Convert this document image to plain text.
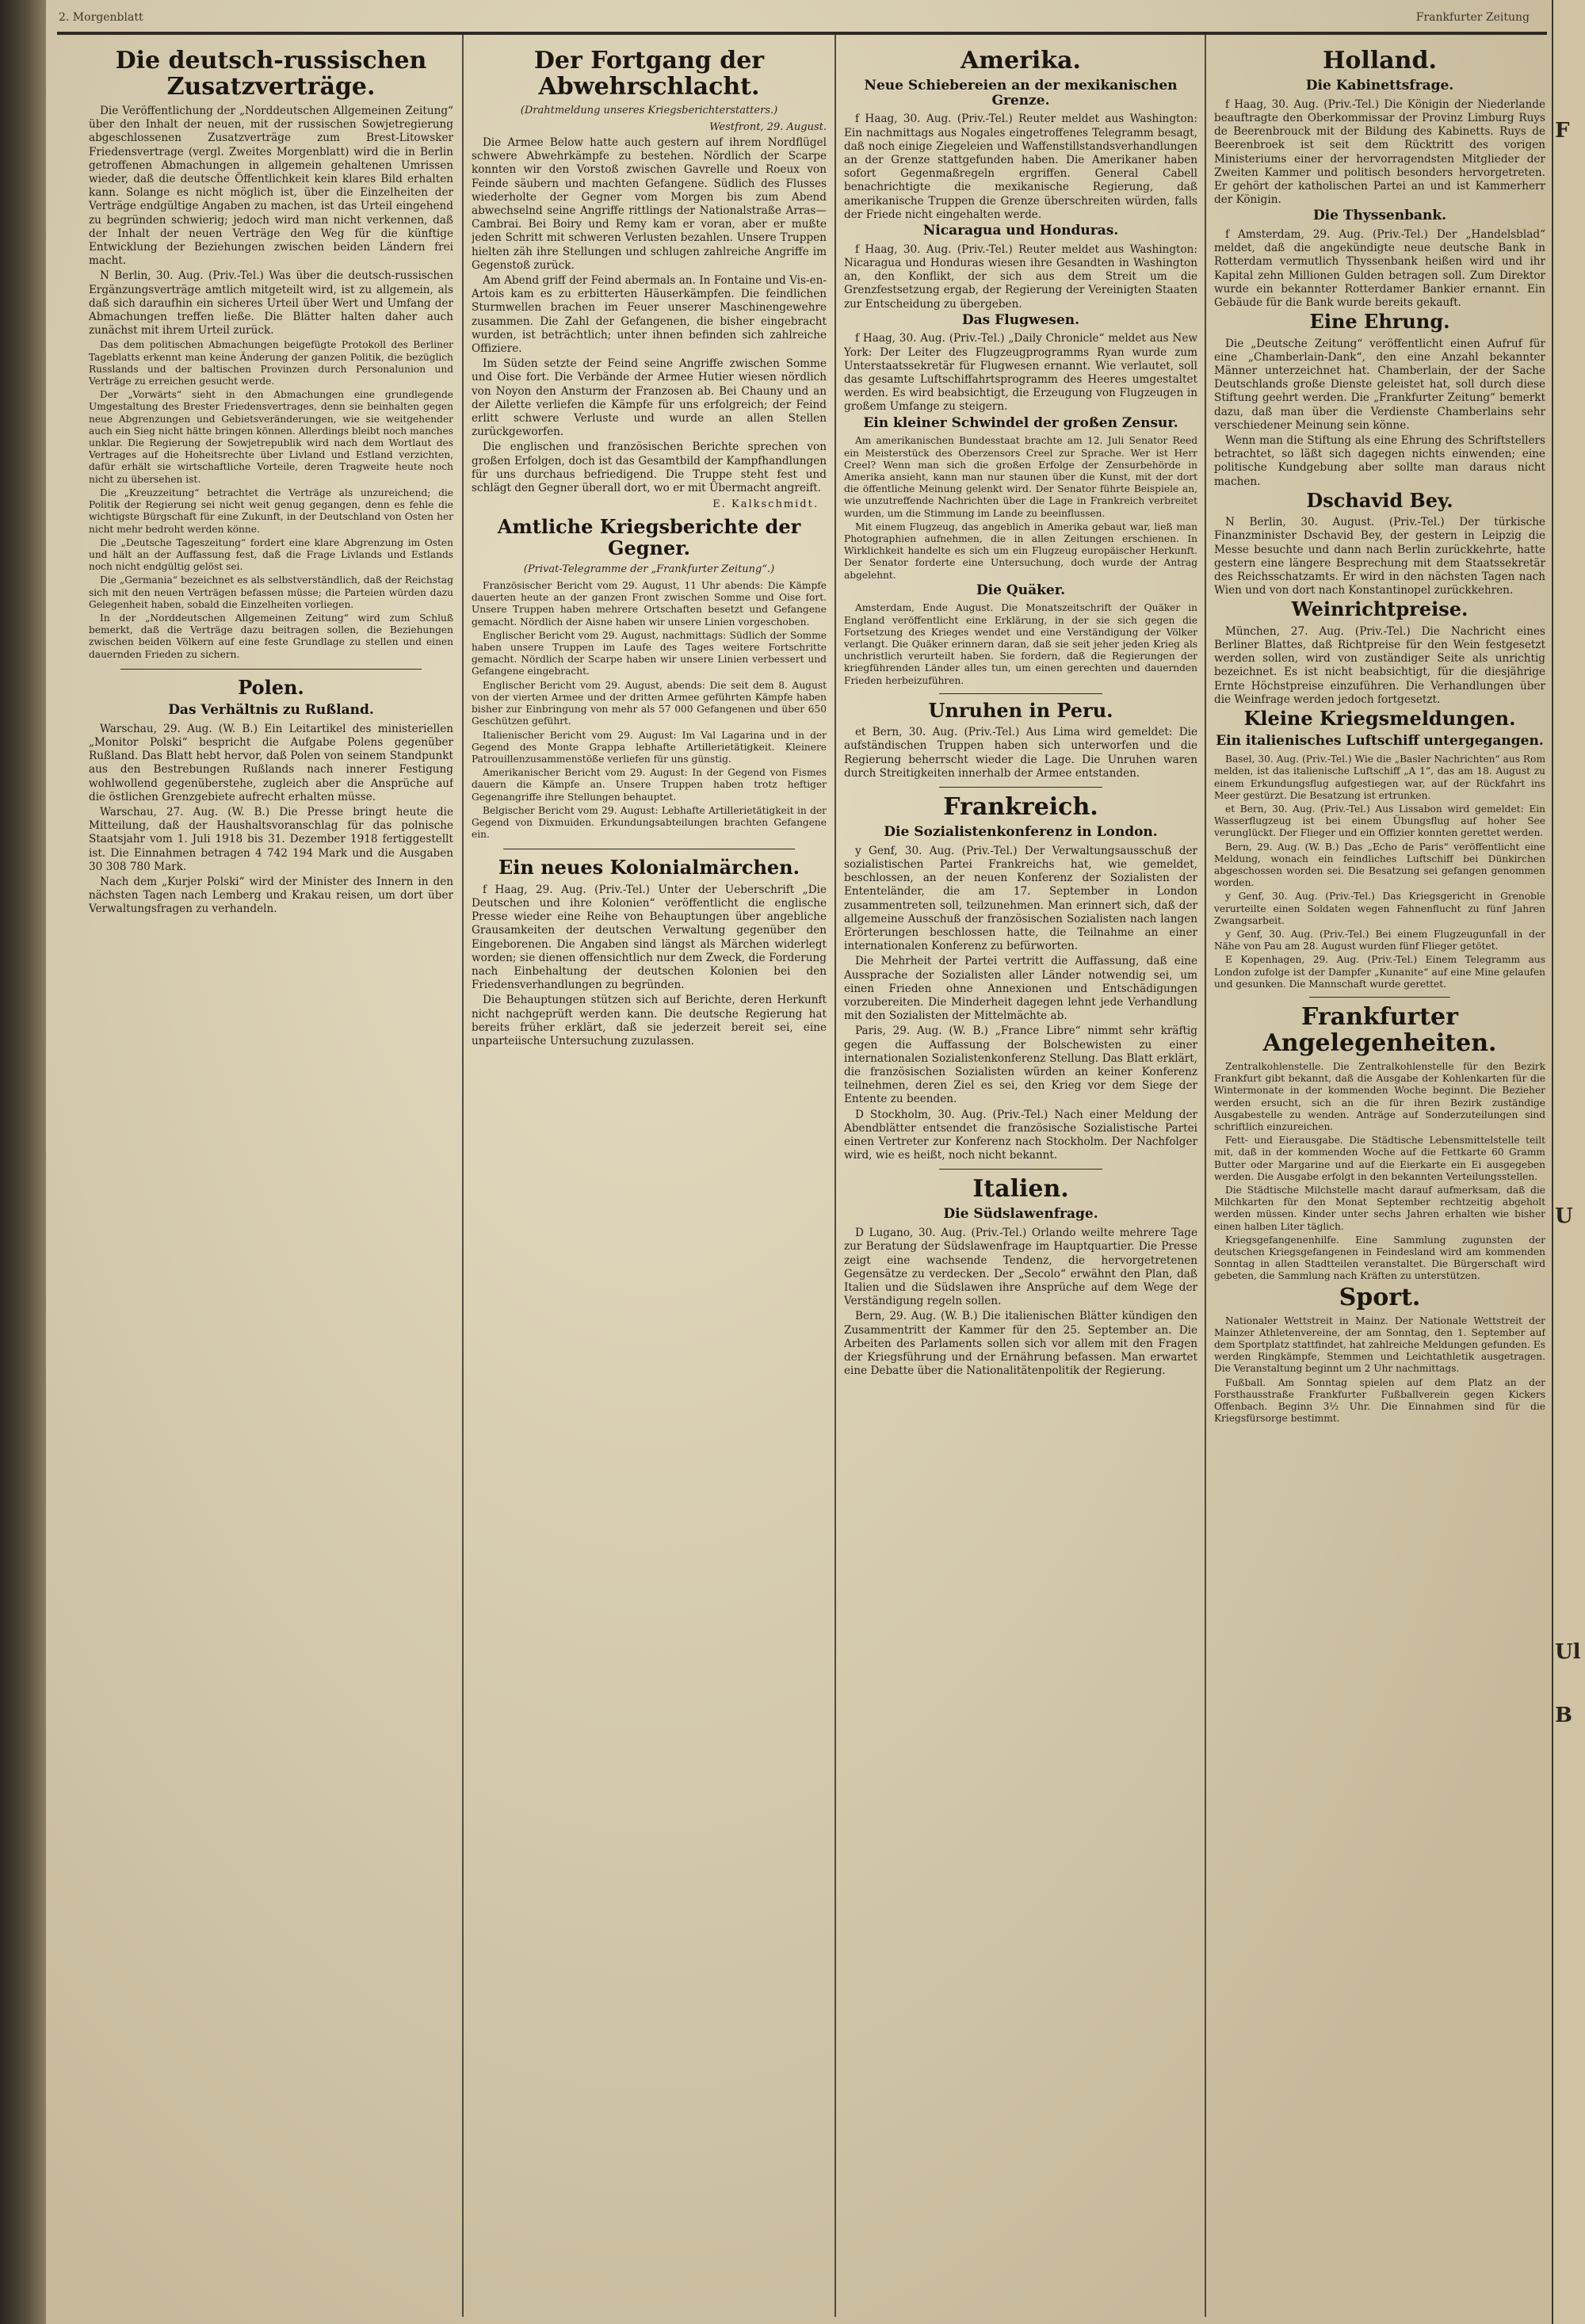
F
U
B
Ul
2. Morgenblatt	Frankfurter Zeitung
Die deutsch-russischen Zusatzverträge.

Die Veröffentlichung der „Norddeutschen Allgemeinen Zeitung“ über den Inhalt der neuen, mit der russischen Sowjetregierung abgeschlossenen Zusatzverträge zum Brest-Litowsker Friedensvertrage (vergl. Zweites Morgenblatt) wird die in Berlin getroffenen Abmachungen in allgemein gehaltenen Umrissen wieder, daß die deutsche Öffentlichkeit kein klares Bild erhalten kann. Solange es nicht möglich ist, über die Einzelheiten der Verträge endgültige Angaben zu machen, ist das Urteil eingehend zu begründen schwierig; jedoch wird man nicht verkennen, daß der Inhalt der neuen Verträge den Weg für die künftige Entwicklung der Beziehungen zwischen beiden Ländern frei macht.

N Berlin, 30. Aug. (Priv.-Tel.) Was über die deutsch-russischen Ergänzungsverträge amtlich mitgeteilt wird, ist zu allgemein, als daß sich daraufhin ein sicheres Urteil über Wert und Umfang der Abmachungen treffen ließe. Die Blätter halten daher auch zunächst mit ihrem Urteil zurück.

Das dem politischen Abmachungen beigefügte Protokoll des Berliner Tageblatts erkennt man keine Änderung der ganzen Politik, die bezüglich Russlands und der baltischen Provinzen durch Personalunion und Verträge zu erreichen gesucht werde.

Der „Vorwärts“ sieht in den Abmachungen eine grundlegende Umgestaltung des Brester Friedensvertrages, denn sie beinhalten gegen neue Abgrenzungen und Gebietsveränderungen, wie sie weitgehender auch ein Sieg nicht hätte bringen können. Allerdings bleibt noch manches unklar. Die Regierung der Sowjetrepublik wird nach dem Wortlaut des Vertrages auf die Hoheitsrechte über Livland und Estland verzichten, dafür erhält sie wirtschaftliche Vorteile, deren Tragweite heute noch nicht zu übersehen ist.

Die „Kreuzzeitung“ betrachtet die Verträge als unzureichend; die Politik der Regierung sei nicht weit genug gegangen, denn es fehle die wichtigste Bürgschaft für eine Zukunft, in der Deutschland von Osten her nicht mehr bedroht werden könne.

Die „Deutsche Tageszeitung“ fordert eine klare Abgrenzung im Osten und hält an der Auffassung fest, daß die Frage Livlands und Estlands noch nicht endgültig gelöst sei.

Die „Germania“ bezeichnet es als selbstverständlich, daß der Reichstag sich mit den neuen Verträgen befassen müsse; die Parteien würden dazu Gelegenheit haben, sobald die Einzelheiten vorliegen.

In der „Norddeutschen Allgemeinen Zeitung“ wird zum Schluß bemerkt, daß die Verträge dazu beitragen sollen, die Beziehungen zwischen beiden Völkern auf eine feste Grundlage zu stellen und einen dauernden Frieden zu sichern.

Polen.
Das Verhältnis zu Rußland.

Warschau, 29. Aug. (W. B.) Ein Leitartikel des ministeriellen „Monitor Polski“ bespricht die Aufgabe Polens gegenüber Rußland. Das Blatt hebt hervor, daß Polen von seinem Standpunkt aus den Bestrebungen Rußlands nach innerer Festigung wohlwollend gegenüberstehe, zugleich aber die Ansprüche auf die östlichen Grenzgebiete aufrecht erhalten müsse.

Warschau, 27. Aug. (W. B.) Die Presse bringt heute die Mitteilung, daß der Haushaltsvoranschlag für das polnische Staatsjahr vom 1. Juli 1918 bis 31. Dezember 1918 fertiggestellt ist. Die Einnahmen betragen 4 742 194 Mark und die Ausgaben 30 308 780 Mark.

Nach dem „Kurjer Polski“ wird der Minister des Innern in den nächsten Tagen nach Lemberg und Krakau reisen, um dort über Verwaltungsfragen zu verhandeln.

Der Fortgang der Abwehrschlacht.
(Drahtmeldung unseres Kriegsberichterstatters.)
Westfront, 29. August.

Die Armee Below hatte auch gestern auf ihrem Nordflügel schwere Abwehrkämpfe zu bestehen. Nördlich der Scarpe konnten wir den Vorstoß zwischen Gavrelle und Roeux von Feinde säubern und machten Gefangene. Südlich des Flusses wiederholte der Gegner vom Morgen bis zum Abend abwechselnd seine Angriffe rittlings der Nationalstraße Arras—Cambrai. Bei Boiry und Remy kam er voran, aber er mußte jeden Schritt mit schweren Verlusten bezahlen. Unsere Truppen hielten zäh ihre Stellungen und schlugen zahlreiche Angriffe im Gegenstoß zurück.

Am Abend griff der Feind abermals an. In Fontaine und Vis-en-Artois kam es zu erbitterten Häuserkämpfen. Die feindlichen Sturmwellen brachen im Feuer unserer Maschinengewehre zusammen. Die Zahl der Gefangenen, die bisher eingebracht wurden, ist beträchtlich; unter ihnen befinden sich zahlreiche Offiziere.

Im Süden setzte der Feind seine Angriffe zwischen Somme und Oise fort. Die Verbände der Armee Hutier wiesen nördlich von Noyon den Ansturm der Franzosen ab. Bei Chauny und an der Ailette verliefen die Kämpfe für uns erfolgreich; der Feind erlitt schwere Verluste und wurde an allen Stellen zurückgeworfen.

Die englischen und französischen Berichte sprechen von großen Erfolgen, doch ist das Gesamtbild der Kampfhandlungen für uns durchaus befriedigend. Die Truppe steht fest und schlägt den Gegner überall dort, wo er mit Übermacht angreift.

E. Kalkschmidt.
Amtliche Kriegsberichte der Gegner.
(Privat-Telegramme der „Frankfurter Zeitung“.)

Französischer Bericht vom 29. August, 11 Uhr abends: Die Kämpfe dauerten heute an der ganzen Front zwischen Somme und Oise fort. Unsere Truppen haben mehrere Ortschaften besetzt und Gefangene gemacht. Nördlich der Aisne haben wir unsere Linien vorgeschoben.

Englischer Bericht vom 29. August, nachmittags: Südlich der Somme haben unsere Truppen im Laufe des Tages weitere Fortschritte gemacht. Nördlich der Scarpe haben wir unsere Linien verbessert und Gefangene eingebracht.

Englischer Bericht vom 29. August, abends: Die seit dem 8. August von der vierten Armee und der dritten Armee geführten Kämpfe haben bisher zur Einbringung von mehr als 57 000 Gefangenen und über 650 Geschützen geführt.

Italienischer Bericht vom 29. August: Im Val Lagarina und in der Gegend des Monte Grappa lebhafte Artillerietätigkeit. Kleinere Patrouillenzusammenstöße verliefen für uns günstig.

Amerikanischer Bericht vom 29. August: In der Gegend von Fismes dauern die Kämpfe an. Unsere Truppen haben trotz heftiger Gegenangriffe ihre Stellungen behauptet.

Belgischer Bericht vom 29. August: Lebhafte Artillerietätigkeit in der Gegend von Dixmuiden. Erkundungsabteilungen brachten Gefangene ein.

Ein neues Kolonialmärchen.

f Haag, 29. Aug. (Priv.-Tel.) Unter der Ueberschrift „Die Deutschen und ihre Kolonien“ veröffentlicht die englische Presse wieder eine Reihe von Behauptungen über angebliche Grausamkeiten der deutschen Verwaltung gegenüber den Eingeborenen. Die Angaben sind längst als Märchen widerlegt worden; sie dienen offensichtlich nur dem Zweck, die Forderung nach Einbehaltung der deutschen Kolonien bei den Friedensverhandlungen zu begründen.

Die Behauptungen stützen sich auf Berichte, deren Herkunft nicht nachgeprüft werden kann. Die deutsche Regierung hat bereits früher erklärt, daß sie jederzeit bereit sei, eine unparteiische Untersuchung zuzulassen.

Amerika.
Neue Schiebereien an der mexikanischen Grenze.

f Haag, 30. Aug. (Priv.-Tel.) Reuter meldet aus Washington: Ein nachmittags aus Nogales eingetroffenes Telegramm besagt, daß noch einige Ziegeleien und Waffenstillstandsverhandlungen an der Grenze stattgefunden haben. Die Amerikaner haben sofort Gegenmaßregeln ergriffen. General Cabell benachrichtigte die mexikanische Regierung, daß amerikanische Truppen die Grenze überschreiten würden, falls der Friede nicht eingehalten werde.

Nicaragua und Honduras.

f Haag, 30. Aug. (Priv.-Tel.) Reuter meldet aus Washington: Nicaragua und Honduras wiesen ihre Gesandten in Washington an, den Konflikt, der sich aus dem Streit um die Grenzfestsetzung ergab, der Regierung der Vereinigten Staaten zur Entscheidung zu übergeben.

Das Flugwesen.

f Haag, 30. Aug. (Priv.-Tel.) „Daily Chronicle“ meldet aus New York: Der Leiter des Flugzeugprogramms Ryan wurde zum Unterstaatssekretär für Flugwesen ernannt. Wie verlautet, soll das gesamte Luftschiffahrtsprogramm des Heeres umgestaltet werden. Es wird beabsichtigt, die Erzeugung von Flugzeugen in großem Umfange zu steigern.

Ein kleiner Schwindel der großen Zensur.

Am amerikanischen Bundesstaat brachte am 12. Juli Senator Reed ein Meisterstück des Oberzensors Creel zur Sprache. Wer ist Herr Creel? Wenn man sich die großen Erfolge der Zensurbehörde in Amerika ansieht, kann man nur staunen über die Kunst, mit der dort die öffentliche Meinung gelenkt wird. Der Senator führte Beispiele an, wie unzutreffende Nachrichten über die Lage in Frankreich verbreitet wurden, um die Stimmung im Lande zu beeinflussen.

Mit einem Flugzeug, das angeblich in Amerika gebaut war, ließ man Photographien aufnehmen, die in allen Zeitungen erschienen. In Wirklichkeit handelte es sich um ein Flugzeug europäischer Herkunft. Der Senator forderte eine Untersuchung, doch wurde der Antrag abgelehnt.

Die Quäker.

Amsterdam, Ende August. Die Monatszeitschrift der Quäker in England veröffentlicht eine Erklärung, in der sie sich gegen die Fortsetzung des Krieges wendet und eine Verständigung der Völker verlangt. Die Quäker erinnern daran, daß sie seit jeher jeden Krieg als unchristlich verurteilt haben. Sie fordern, daß die Regierungen der kriegführenden Länder alles tun, um einen gerechten und dauernden Frieden herbeizuführen.

Unruhen in Peru.

et Bern, 30. Aug. (Priv.-Tel.) Aus Lima wird gemeldet: Die aufständischen Truppen haben sich unterworfen und die Regierung beherrscht wieder die Lage. Die Unruhen waren durch Streitigkeiten innerhalb der Armee entstanden.

Frankreich.
Die Sozialistenkonferenz in London.

y Genf, 30. Aug. (Priv.-Tel.) Der Verwaltungsausschuß der sozialistischen Partei Frankreichs hat, wie gemeldet, beschlossen, an der neuen Konferenz der Sozialisten der Ententeländer, die am 17. September in London zusammentreten soll, teilzunehmen. Man erinnert sich, daß der allgemeine Ausschuß der französischen Sozialisten nach langen Erörterungen beschlossen hatte, die Teilnahme an einer internationalen Konferenz zu befürworten.

Die Mehrheit der Partei vertritt die Auffassung, daß eine Aussprache der Sozialisten aller Länder notwendig sei, um einen Frieden ohne Annexionen und Entschädigungen vorzubereiten. Die Minderheit dagegen lehnt jede Verhandlung mit den Sozialisten der Mittelmächte ab.

Paris, 29. Aug. (W. B.) „France Libre“ nimmt sehr kräftig gegen die Auffassung der Bolschewisten zu einer internationalen Sozialistenkonferenz Stellung. Das Blatt erklärt, die französischen Sozialisten würden an keiner Konferenz teilnehmen, deren Ziel es sei, den Krieg vor dem Siege der Entente zu beenden.

D Stockholm, 30. Aug. (Priv.-Tel.) Nach einer Meldung der Abendblätter entsendet die französische Sozialistische Partei einen Vertreter zur Konferenz nach Stockholm. Der Nachfolger wird, wie es heißt, noch nicht bekannt.

Italien.
Die Südslawenfrage.

D Lugano, 30. Aug. (Priv.-Tel.) Orlando weilte mehrere Tage zur Beratung der Südslawenfrage im Hauptquartier. Die Presse zeigt eine wachsende Tendenz, die hervorgetretenen Gegensätze zu verdecken. Der „Secolo“ erwähnt den Plan, daß Italien und die Südslawen ihre Ansprüche auf dem Wege der Verständigung regeln sollen.

Bern, 29. Aug. (W. B.) Die italienischen Blätter kündigen den Zusammentritt der Kammer für den 25. September an. Die Arbeiten des Parlaments sollen sich vor allem mit den Fragen der Kriegsführung und der Ernährung befassen. Man erwartet eine Debatte über die Nationalitätenpolitik der Regierung.

Holland.
Die Kabinettsfrage.

f Haag, 30. Aug. (Priv.-Tel.) Die Königin der Niederlande beauftragte den Oberkommissar der Provinz Limburg Ruys de Beerenbrouck mit der Bildung des Kabinetts. Ruys de Beerenbroek ist seit dem Rücktritt des vorigen Ministeriums einer der hervorragendsten Mitglieder der Zweiten Kammer und politisch besonders hervorgetreten. Er gehört der katholischen Partei an und ist Kammerherr der Königin.

Die Thyssenbank.

f Amsterdam, 29. Aug. (Priv.-Tel.) Der „Handelsblad“ meldet, daß die angekündigte neue deutsche Bank in Rotterdam vermutlich Thyssenbank heißen wird und ihr Kapital zehn Millionen Gulden betragen soll. Zum Direktor wurde ein bekannter Rotterdamer Bankier ernannt. Ein Gebäude für die Bank wurde bereits gekauft.

Eine Ehrung.

Die „Deutsche Zeitung“ veröffentlicht einen Aufruf für eine „Chamberlain-Dank“, den eine Anzahl bekannter Männer unterzeichnet hat. Chamberlain, der der Sache Deutschlands große Dienste geleistet hat, soll durch diese Stiftung geehrt werden. Die „Frankfurter Zeitung“ bemerkt dazu, daß man über die Verdienste Chamberlains sehr verschiedener Meinung sein könne.

Wenn man die Stiftung als eine Ehrung des Schriftstellers betrachtet, so läßt sich dagegen nichts einwenden; eine politische Kundgebung aber sollte man daraus nicht machen.

Dschavid Bey.

N Berlin, 30. August. (Priv.-Tel.) Der türkische Finanzminister Dschavid Bey, der gestern in Leipzig die Messe besuchte und dann nach Berlin zurückkehrte, hatte gestern eine längere Besprechung mit dem Staatssekretär des Reichsschatzamts. Er wird in den nächsten Tagen nach Wien und von dort nach Konstantinopel zurückkehren.

Weinrichtpreise.

München, 27. Aug. (Priv.-Tel.) Die Nachricht eines Berliner Blattes, daß Richtpreise für den Wein festgesetzt werden sollen, wird von zuständiger Seite als unrichtig bezeichnet. Es ist nicht beabsichtigt, für die diesjährige Ernte Höchstpreise einzuführen. Die Verhandlungen über die Weinfrage werden jedoch fortgesetzt.

Kleine Kriegsmeldungen.
Ein italienisches Luftschiff untergegangen.

Basel, 30. Aug. (Priv.-Tel.) Wie die „Basler Nachrichten“ aus Rom melden, ist das italienische Luftschiff „A 1“, das am 18. August zu einem Erkundungsflug aufgestiegen war, auf der Rückfahrt ins Meer gestürzt. Die Besatzung ist ertrunken.

et Bern, 30. Aug. (Priv.-Tel.) Aus Lissabon wird gemeldet: Ein Wasserflugzeug ist bei einem Übungsflug auf hoher See verunglückt. Der Flieger und ein Offizier konnten gerettet werden.

Bern, 29. Aug. (W. B.) Das „Echo de Paris“ veröffentlicht eine Meldung, wonach ein feindliches Luftschiff bei Dünkirchen abgeschossen worden sei. Die Besatzung sei gefangen genommen worden.

y Genf, 30. Aug. (Priv.-Tel.) Das Kriegsgericht in Grenoble verurteilte einen Soldaten wegen Fahnenflucht zu fünf Jahren Zwangsarbeit.

y Genf, 30. Aug. (Priv.-Tel.) Bei einem Flugzeugunfall in der Nähe von Pau am 28. August wurden fünf Flieger getötet.

E Kopenhagen, 29. Aug. (Priv.-Tel.) Einem Telegramm aus London zufolge ist der Dampfer „Kunanite“ auf eine Mine gelaufen und gesunken. Die Mannschaft wurde gerettet.

Frankfurter Angelegenheiten.

Zentralkohlenstelle. Die Zentralkohlenstelle für den Bezirk Frankfurt gibt bekannt, daß die Ausgabe der Kohlenkarten für die Wintermonate in der kommenden Woche beginnt. Die Bezieher werden ersucht, sich an die für ihren Bezirk zuständige Ausgabestelle zu wenden. Anträge auf Sonderzuteilungen sind schriftlich einzureichen.

Fett- und Eierausgabe. Die Städtische Lebensmittelstelle teilt mit, daß in der kommenden Woche auf die Fettkarte 60 Gramm Butter oder Margarine und auf die Eierkarte ein Ei ausgegeben werden. Die Ausgabe erfolgt in den bekannten Verteilungsstellen.

Die Städtische Milchstelle macht darauf aufmerksam, daß die Milchkarten für den Monat September rechtzeitig abgeholt werden müssen. Kinder unter sechs Jahren erhalten wie bisher einen halben Liter täglich.

Kriegsgefangenenhilfe. Eine Sammlung zugunsten der deutschen Kriegsgefangenen in Feindesland wird am kommenden Sonntag in allen Stadtteilen veranstaltet. Die Bürgerschaft wird gebeten, die Sammlung nach Kräften zu unterstützen.

Sport.

Nationaler Wettstreit in Mainz. Der Nationale Wettstreit der Mainzer Athletenvereine, der am Sonntag, den 1. September auf dem Sportplatz stattfindet, hat zahlreiche Meldungen gefunden. Es werden Ringkämpfe, Stemmen und Leichtathletik ausgetragen. Die Veranstaltung beginnt um 2 Uhr nachmittags.

Fußball. Am Sonntag spielen auf dem Platz an der Forsthausstraße Frankfurter Fußballverein gegen Kickers Offenbach. Beginn 3½ Uhr. Die Einnahmen sind für die Kriegsfürsorge bestimmt.
